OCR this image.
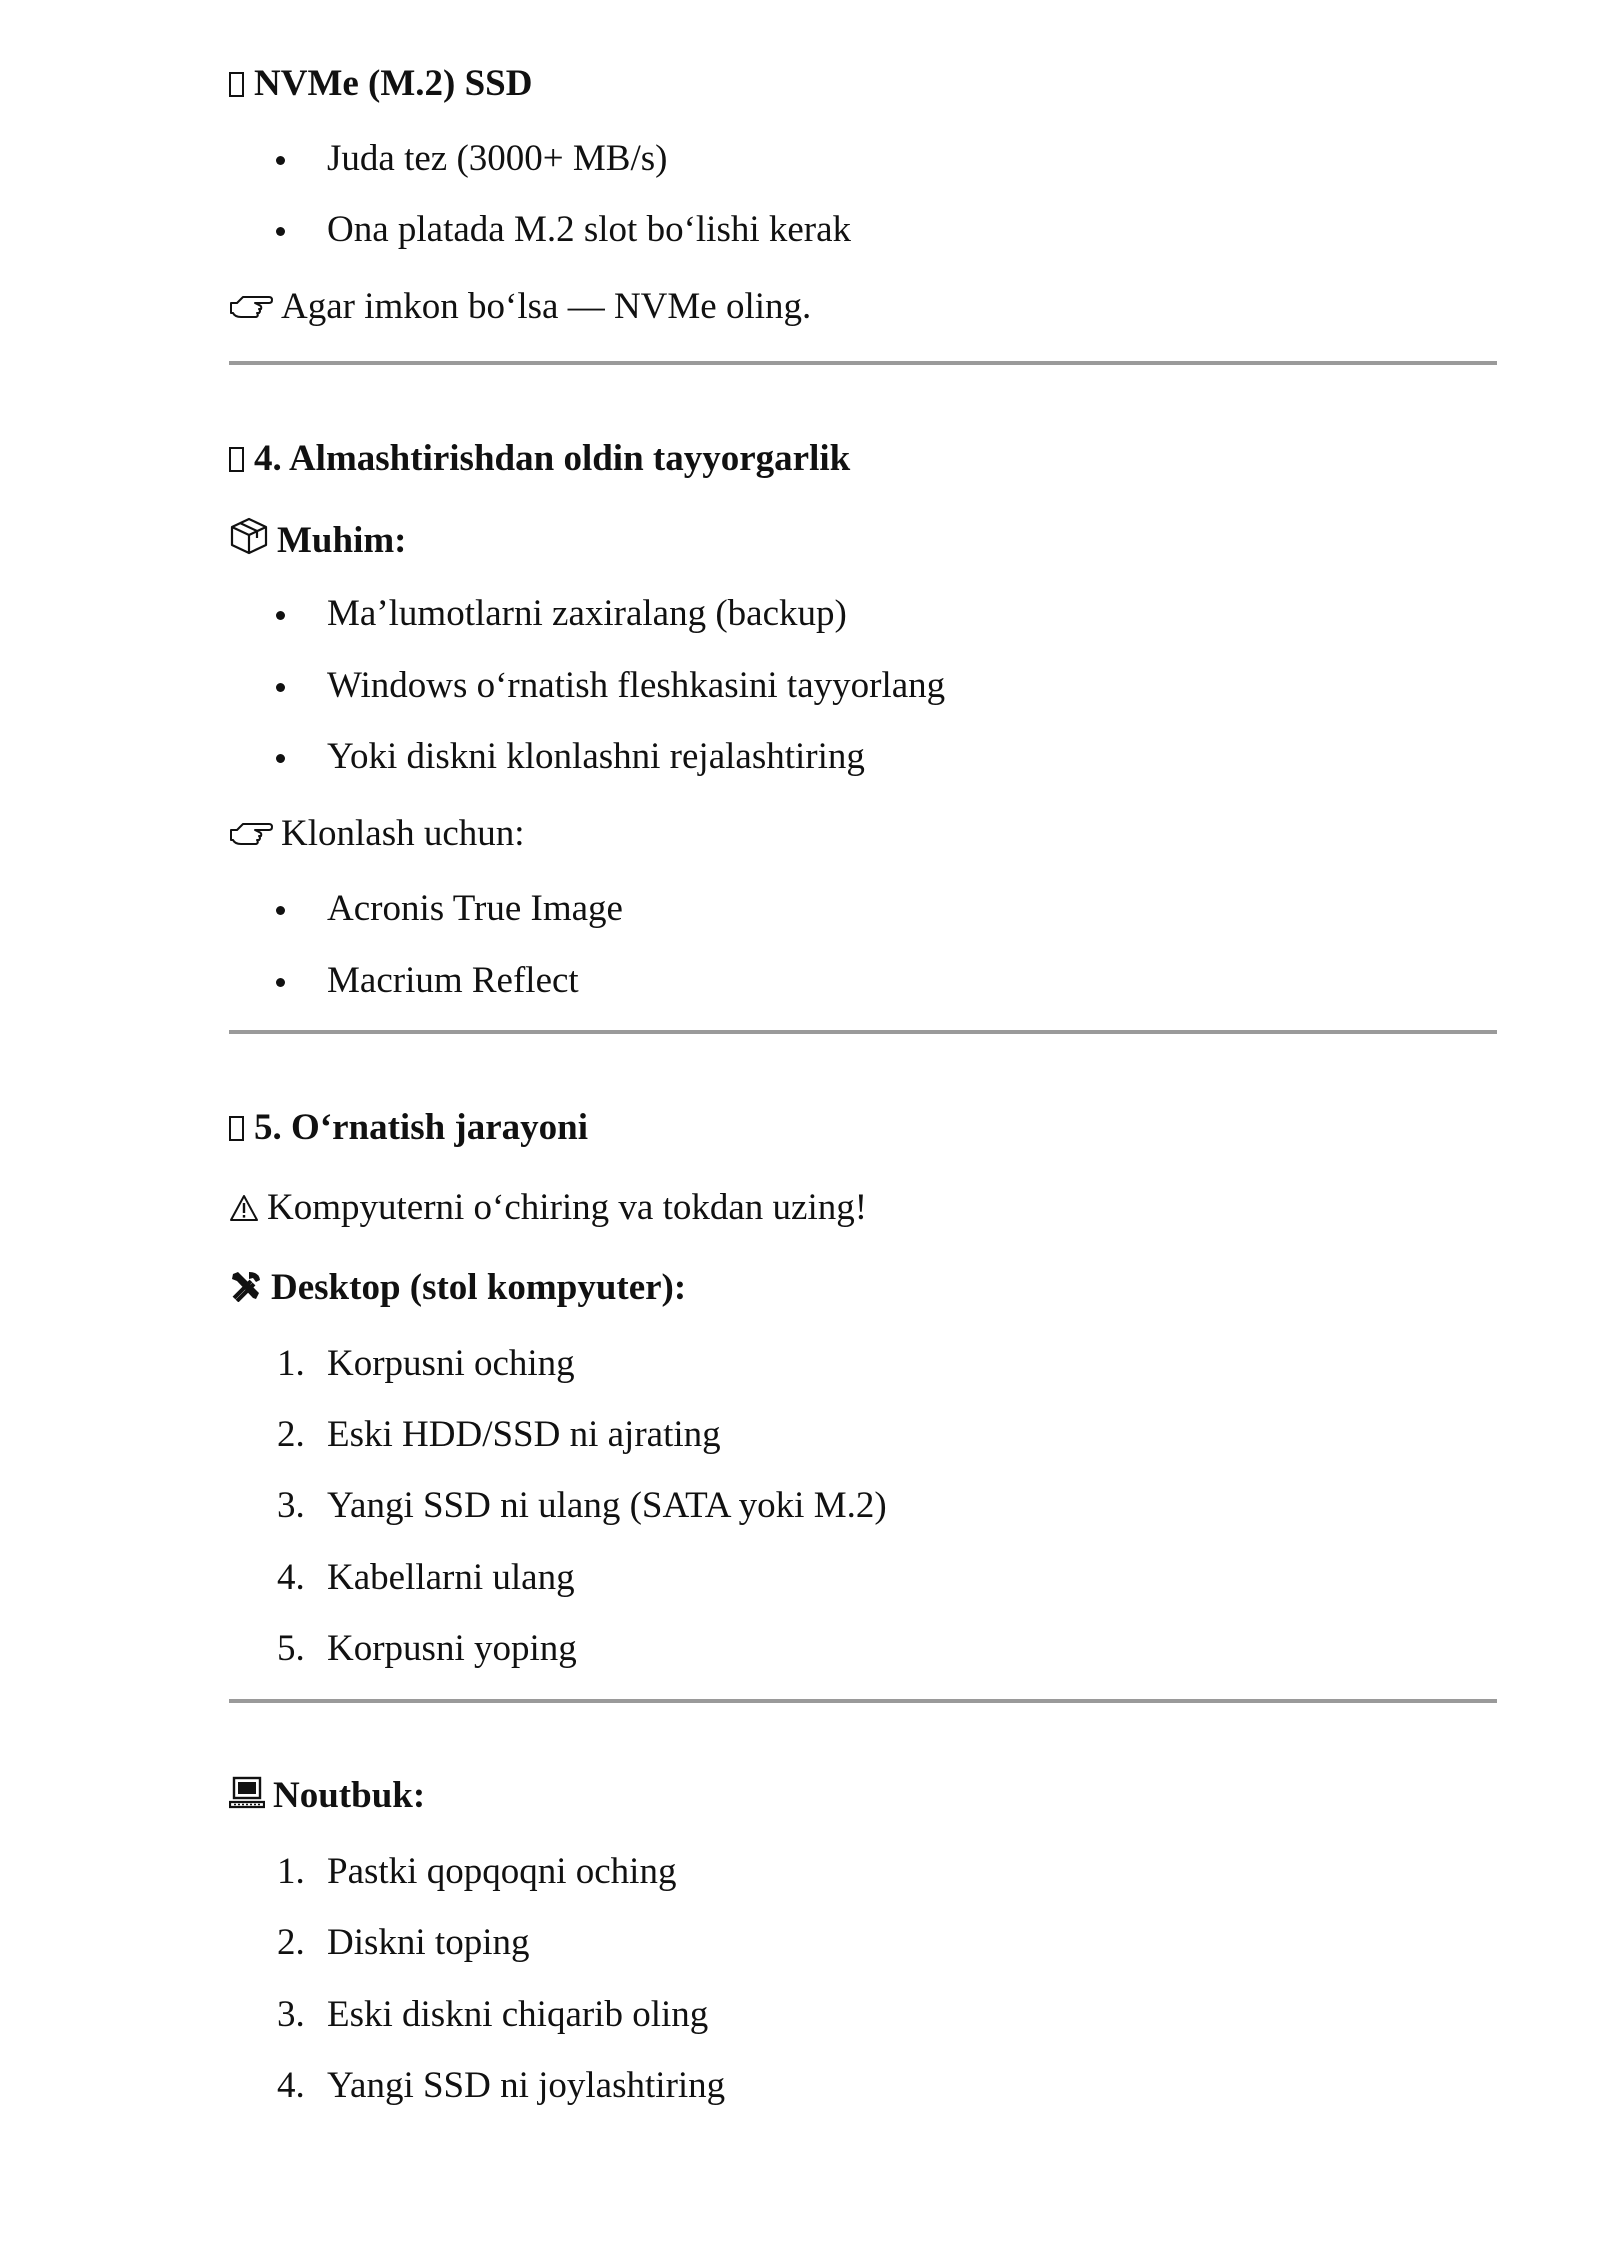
NVMe (M.2) SSD
Juda tez (3000+ MB/s)
Ona platada M.2 slot bo‘lishi kerak
Agar imkon bo‘lsa — NVMe oling.
4. Almashtirishdan oldin tayyorgarlik
Muhim:
Ma’lumotlarni zaxiralang (backup)
Windows o‘rnatish fleshkasini tayyorlang
Yoki diskni klonlashni rejalashtiring
Klonlash uchun:
Acronis True Image
Macrium Reflect
5. O‘rnatish jarayoni
Kompyuterni o‘chiring va tokdan uzing!
Desktop (stol kompyuter):
1. Korpusni oching
2. Eski HDD/SSD ni ajrating
3. Yangi SSD ni ulang (SATA yoki M.2)
4. Kabellarni ulang
5. Korpusni yoping
Noutbuk:
1. Pastki qopqoqni oching
2. Diskni toping
3. Eski diskni chiqarib oling
4. Yangi SSD ni joylashtiring
